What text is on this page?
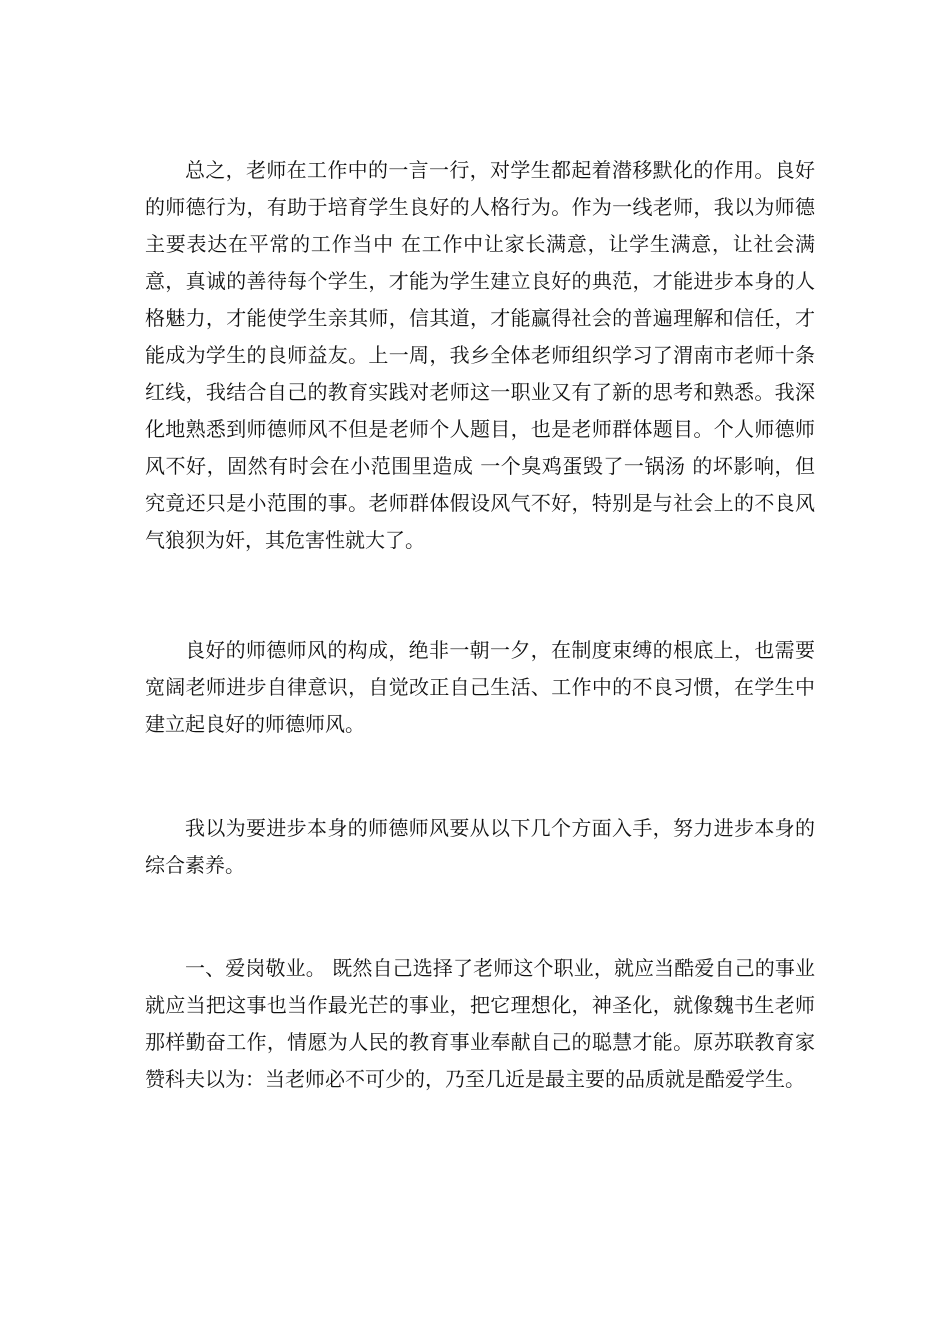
总之，老师在工作中的一言一行，对学生都起着潜移默化的作用。良好的师德行为，有助于培育学生良好的人格行为。作为一线老师，我以为师德主要表达在平常的工作当中 在工作中让家长满意，让学生满意，让社会满意，真诚的善待每个学生，才能为学生建立良好的典范，才能进步本身的人格魅力，才能使学生亲其师，信其道，才能赢得社会的普遍理解和信任，才能成为学生的良师益友。上一周，我乡全体老师组织学习了渭南市老师十条红线，我结合自己的教育实践对老师这一职业又有了新的思考和熟悉。我深化地熟悉到师德师风不但是老师个人题目，也是老师群体题目。个人师德师风不好，固然有时会在小范围里造成 一个臭鸡蛋毁了一锅汤 的坏影响，但究竟还只是小范围的事。老师群体假设风气不好，特别是与社会上的不良风气狼狈为奸，其危害性就大了。

良好的师德师风的构成，绝非一朝一夕，在制度束缚的根底上，也需要宽阔老师进步自律意识，自觉改正自己生活、工作中的不良习惯，在学生中建立起良好的师德师风。

我以为要进步本身的师德师风要从以下几个方面入手，努力进步本身的综合素养。

一、爱岗敬业。 既然自己选择了老师这个职业，就应当酷爱自己的事业就应当把这事也当作最光芒的事业，把它理想化，神圣化，就像魏书生老师那样勤奋工作，情愿为人民的教育事业奉献自己的聪慧才能。原苏联教育家赞科夫以为：当老师必不可少的，乃至几近是最主要的品质就是酷爱学生。
